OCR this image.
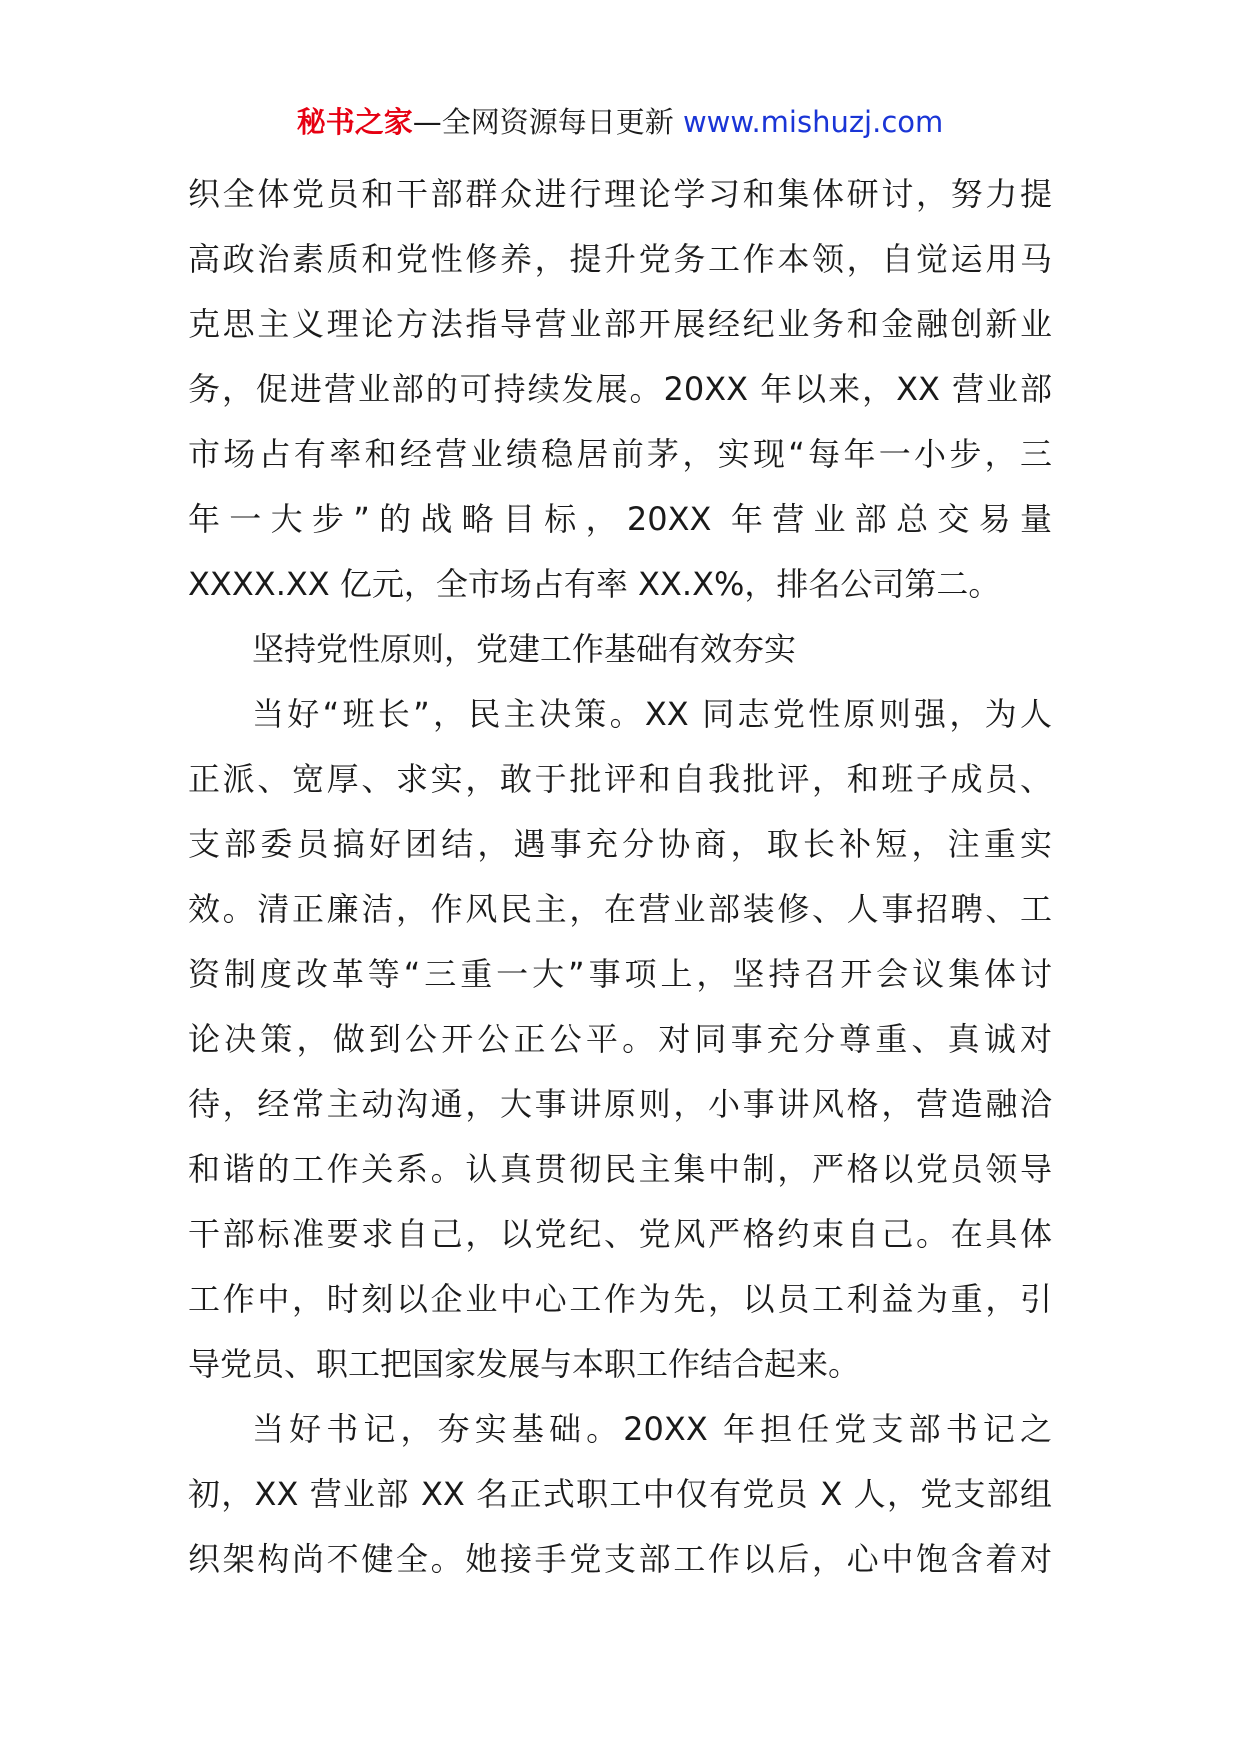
秘书之家—全网资源每日更新 www.mishuzj.com
织全体党员和干部群众进行理论学习和集体研讨，努力提
高政治素质和党性修养，提升党务工作本领，自觉运用马
克思主义理论方法指导营业部开展经纪业务和金融创新业
务，促进营业部的可持续发展。20XX 年以来，XX 营业部
市场占有率和经营业绩稳居前茅，实现“每年一小步，三
年一大步”的战略目标，20XX 年营业部总交易量
XXXX.XX 亿元，全市场占有率 XX.X%，排名公司第二。
坚持党性原则，党建工作基础有效夯实
当好“班长”，民主决策。XX 同志党性原则强，为人
正派、宽厚、求实，敢于批评和自我批评，和班子成员、
支部委员搞好团结，遇事充分协商，取长补短，注重实
效。清正廉洁，作风民主，在营业部装修、人事招聘、工
资制度改革等“三重一大”事项上，坚持召开会议集体讨
论决策，做到公开公正公平。对同事充分尊重、真诚对
待，经常主动沟通，大事讲原则，小事讲风格，营造融洽
和谐的工作关系。认真贯彻民主集中制，严格以党员领导
干部标准要求自己，以党纪、党风严格约束自己。在具体
工作中，时刻以企业中心工作为先，以员工利益为重，引
导党员、职工把国家发展与本职工作结合起来。
当好书记，夯实基础。20XX 年担任党支部书记之
初，XX 营业部 XX 名正式职工中仅有党员 X 人，党支部组
织架构尚不健全。她接手党支部工作以后，心中饱含着对
